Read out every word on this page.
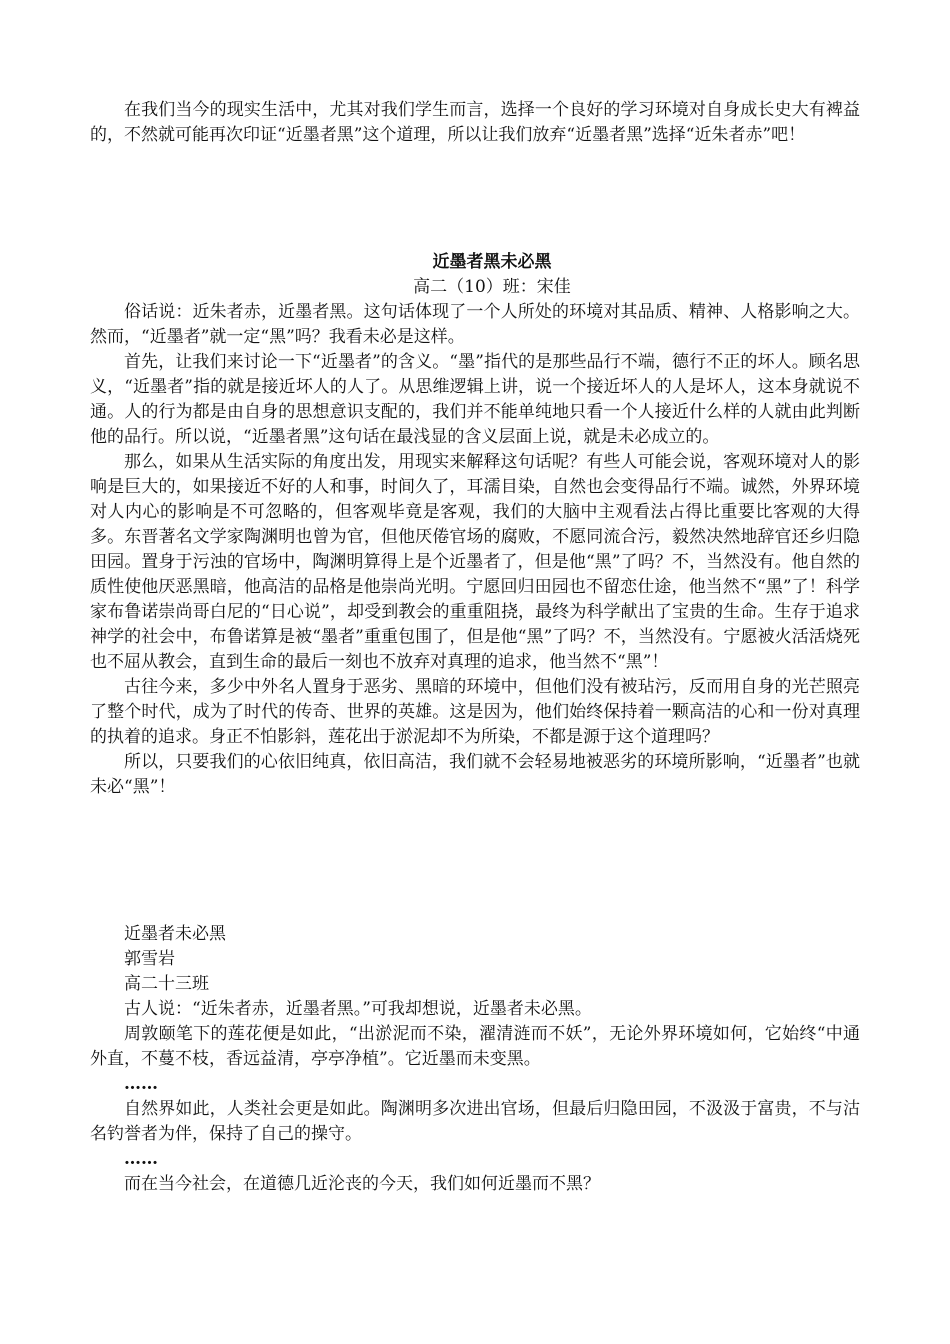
在我们当今的现实生活中，尤其对我们学生而言，选择一个良好的学习环境对自身成长史大有裨益的，不然就可能再次印证“近墨者黑”这个道理，所以让我们放弃“近墨者黑”选择“近朱者赤”吧！

近墨者黑未必黑

高二（10）班：宋佳

俗话说：近朱者赤，近墨者黑。这句话体现了一个人所处的环境对其品质、精神、人格影响之大。然而，“近墨者”就一定“黑”吗？我看未必是这样。

首先，让我们来讨论一下“近墨者”的含义。“墨”指代的是那些品行不端，德行不正的坏人。顾名思义，“近墨者”指的就是接近坏人的人了。从思维逻辑上讲，说一个接近坏人的人是坏人，这本身就说不通。人的行为都是由自身的思想意识支配的，我们并不能单纯地只看一个人接近什么样的人就由此判断他的品行。所以说，“近墨者黑”这句话在最浅显的含义层面上说，就是未必成立的。

那么，如果从生活实际的角度出发，用现实来解释这句话呢？有些人可能会说，客观环境对人的影响是巨大的，如果接近不好的人和事，时间久了，耳濡目染，自然也会变得品行不端。诚然，外界环境对人内心的影响是不可忽略的，但客观毕竟是客观，我们的大脑中主观看法占得比重要比客观的大得多。东晋著名文学家陶渊明也曾为官，但他厌倦官场的腐败，不愿同流合污，毅然决然地辞官还乡归隐田园。置身于污浊的官场中，陶渊明算得上是个近墨者了，但是他“黑”了吗？不，当然没有。他自然的质性使他厌恶黑暗，他高洁的品格是他崇尚光明。宁愿回归田园也不留恋仕途，他当然不“黑”了！科学家布鲁诺崇尚哥白尼的“日心说”，却受到教会的重重阻挠，最终为科学献出了宝贵的生命。生存于追求神学的社会中，布鲁诺算是被“墨者”重重包围了，但是他“黑”了吗？不，当然没有。宁愿被火活活烧死也不屈从教会，直到生命的最后一刻也不放弃对真理的追求，他当然不“黑”！

古往今来，多少中外名人置身于恶劣、黑暗的环境中，但他们没有被玷污，反而用自身的光芒照亮了整个时代，成为了时代的传奇、世界的英雄。这是因为，他们始终保持着一颗高洁的心和一份对真理的执着的追求。身正不怕影斜，莲花出于淤泥却不为所染，不都是源于这个道理吗？

所以，只要我们的心依旧纯真，依旧高洁，我们就不会轻易地被恶劣的环境所影响，“近墨者”也就未必“黑”！

近墨者未必黑

郭雪岩

高二十三班

古人说：“近朱者赤，近墨者黑。”可我却想说，近墨者未必黑。

周敦颐笔下的莲花便是如此，“出淤泥而不染，濯清涟而不妖”，无论外界环境如何，它始终“中通外直，不蔓不枝，香远益清，亭亭净植”。它近墨而未变黑。

……

自然界如此，人类社会更是如此。陶渊明多次进出官场，但最后归隐田园，不汲汲于富贵，不与沽名钓誉者为伴，保持了自己的操守。

……

而在当今社会，在道德几近沦丧的今天，我们如何近墨而不黑？
